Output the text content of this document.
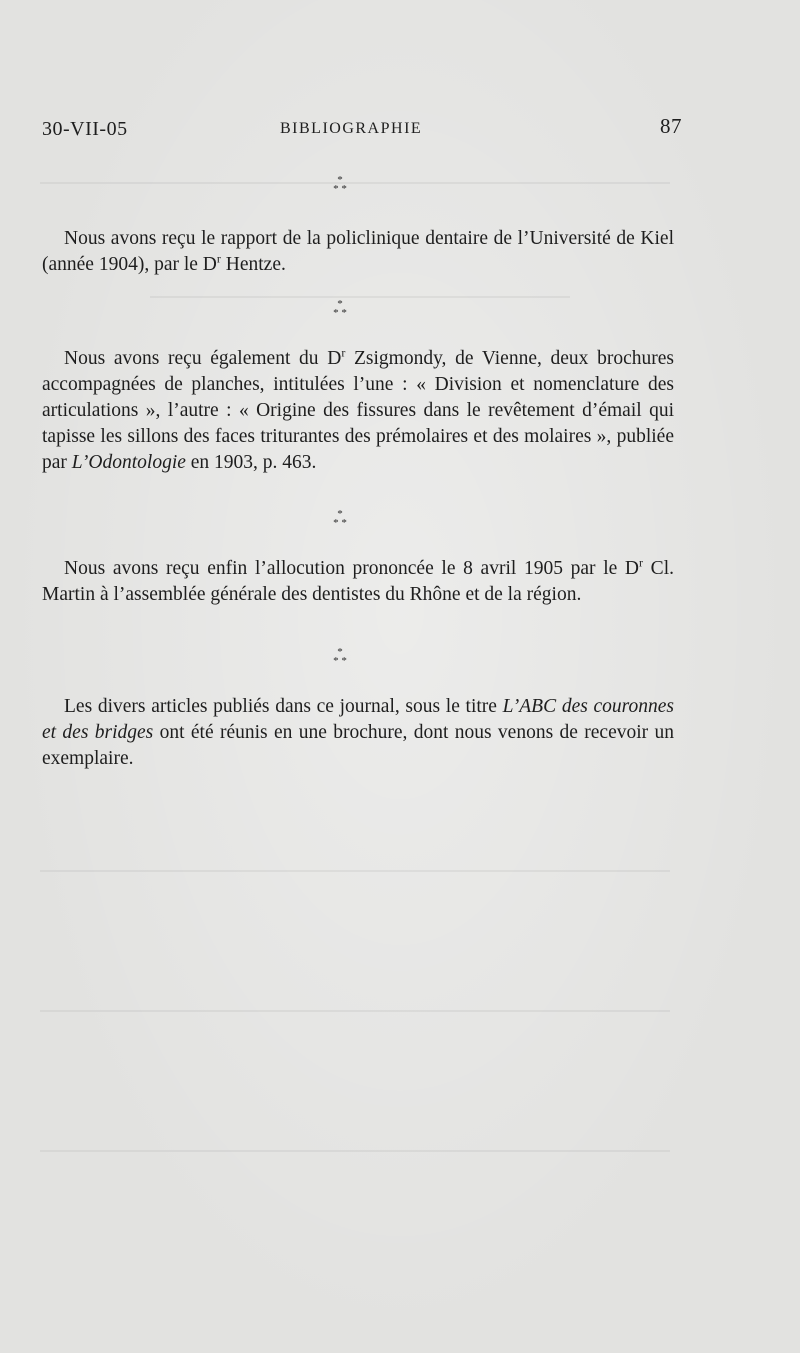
30-VII-05	BIBLIOGRAPHIE	87
*
* *

Nous avons reçu le rapport de la policlinique dentaire de l’Université de Kiel (année 1904), par le $D^r$ Hentze.

*
* *

Nous avons reçu également du $D^r$ Zsigmondy, de Vienne, deux brochures accompagnées de planches, intitulées l’une : « Division et nomenclature des articulations », l’autre : « Origine des fissures dans le revêtement d’émail qui tapisse les sillons des faces triturantes des prémolaires et des molaires », publiée par L’Odontologie en 1903, p. 463.

*
* *

Nous avons reçu enfin l’allocution prononcée le 8 avril 1905 par le $D^r$ Cl. Martin à l’assemblée générale des dentistes du Rhône et de la région.

*
* *

Les divers articles publiés dans ce journal, sous le titre L’ABC des couronnes et des bridges ont été réunis en une brochure, dont nous venons de recevoir un exemplaire.
